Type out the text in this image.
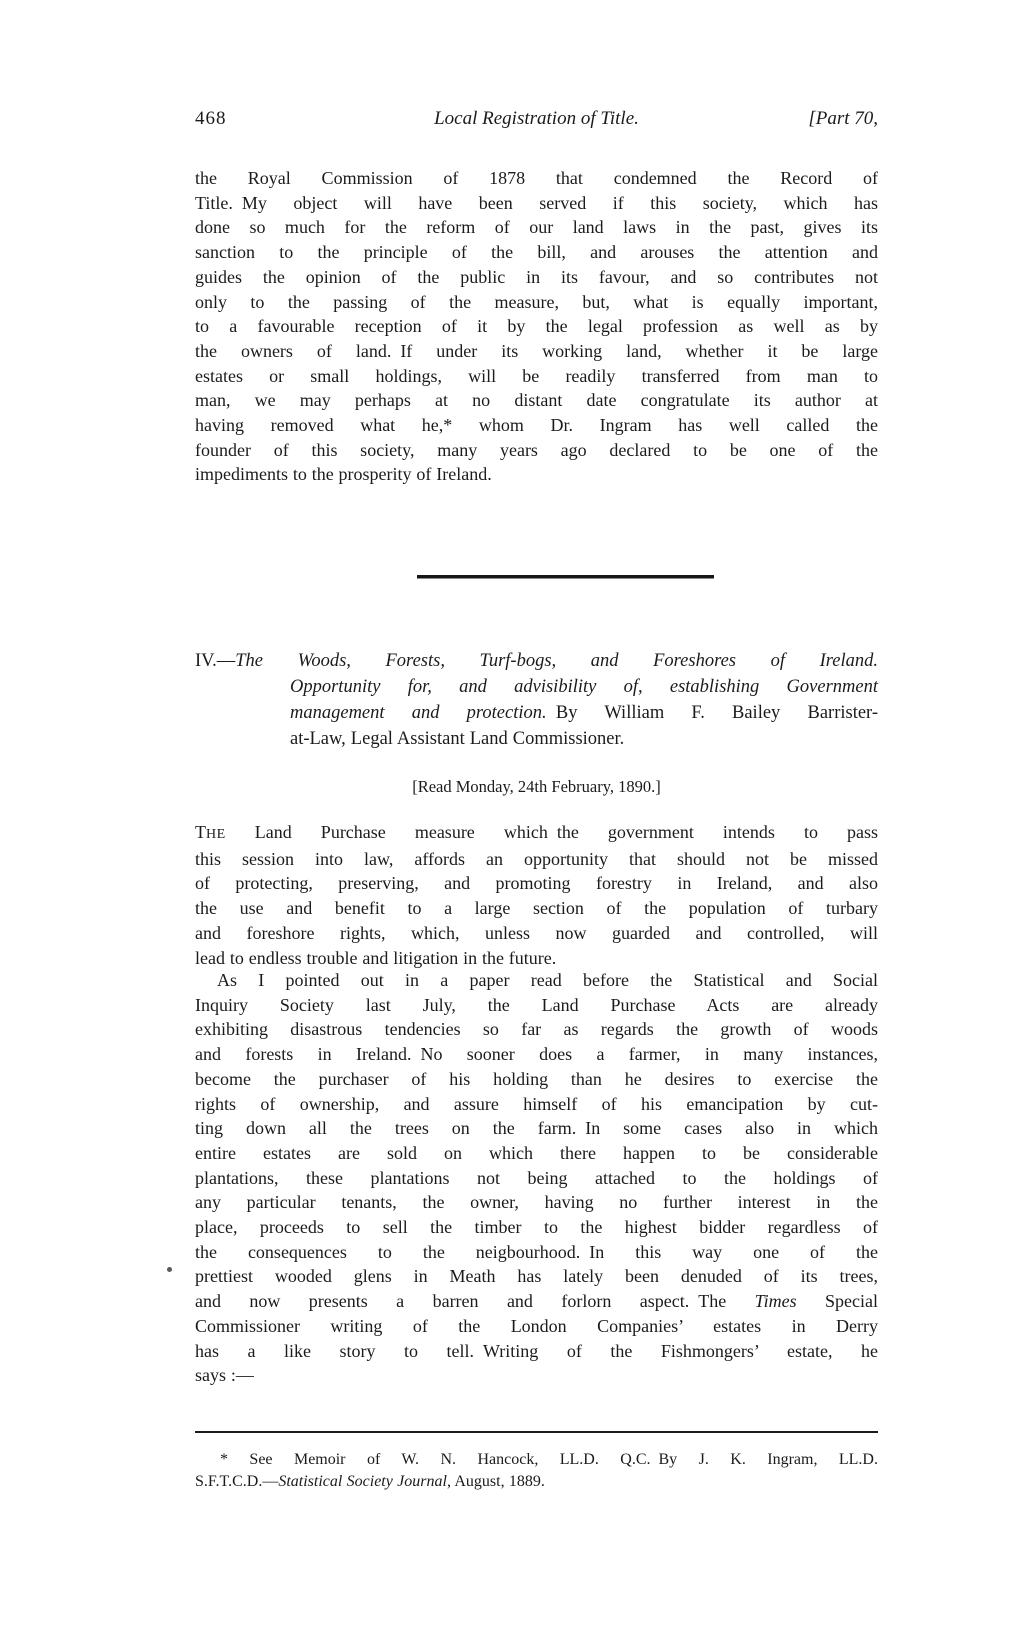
468	Local Registration of Title.	[Part 70,
the Royal Commission of 1878 that condemned the Record of
Title. My object will have been served if this society, which has
done so much for the reform of our land laws in the past, gives its
sanction to the principle of the bill, and arouses the attention and
guides the opinion of the public in its favour, and so contributes not
only to the passing of the measure, but, what is equally important,
to a favourable reception of it by the legal profession as well as by
the owners of land. If under its working land, whether it be large
estates or small holdings, will be readily transferred from man to
man, we may perhaps at no distant date congratulate its author at
having removed what he,* whom Dr. Ingram has well called the
founder of this society, many years ago declared to be one of the
impediments to the prosperity of Ireland.
IV.—The Woods, Forests, Turf-bogs, and Foreshores of Ireland.
Opportunity for, and advisibility of, establishing Government
management and protection. By William F. Bailey Barrister-
at-Law, Legal Assistant Land Commissioner.
[Read Monday, 24th February, 1890.]
THE Land Purchase measure which the government intends to pass
this session into law, affords an opportunity that should not be missed
of protecting, preserving, and promoting forestry in Ireland, and also
the use and benefit to a large section of the population of turbary
and foreshore rights, which, unless now guarded and controlled, will
lead to endless trouble and litigation in the future.
As I pointed out in a paper read before the Statistical and Social
Inquiry Society last July, the Land Purchase Acts are already
exhibiting disastrous tendencies so far as regards the growth of woods
and forests in Ireland. No sooner does a farmer, in many instances,
become the purchaser of his holding than he desires to exercise the
rights of ownership, and assure himself of his emancipation by cut-
ting down all the trees on the farm. In some cases also in which
entire estates are sold on which there happen to be considerable
plantations, these plantations not being attached to the holdings of
any particular tenants, the owner, having no further interest in the
place, proceeds to sell the timber to the highest bidder regardless of
the consequences to the neigbourhood. In this way one of the
prettiest wooded glens in Meath has lately been denuded of its trees,
and now presents a barren and forlorn aspect. The Times Special
Commissioner writing of the London Companies’ estates in Derry
has a like story to tell. Writing of the Fishmongers’ estate, he
says :—
* See Memoir of W. N. Hancock, LL.D. Q.C. By J. K. Ingram, LL.D.
S.F.T.C.D.—Statistical Society Journal, August, 1889.
